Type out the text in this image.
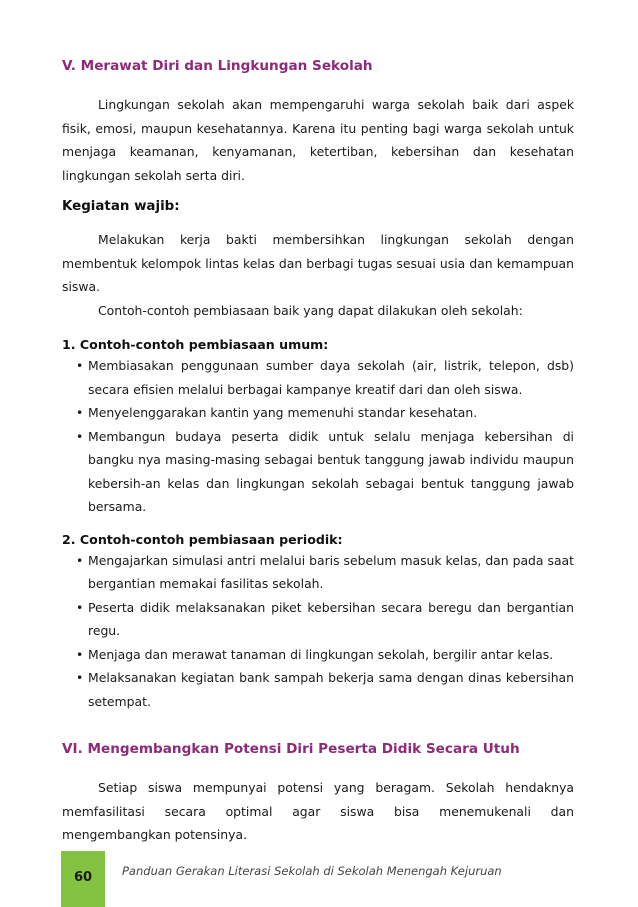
V. Merawat Diri dan Lingkungan Sekolah

Lingkungan sekolah akan mempengaruhi warga sekolah baik dari aspek fisik, emosi, maupun kesehatannya. Karena itu penting bagi warga sekolah untuk menjaga keamanan, kenyamanan, ketertiban, kebersihan dan kesehatan lingkungan sekolah serta diri.

Kegiatan wajib:

Melakukan kerja bakti membersihkan lingkungan sekolah dengan membentuk kelompok lintas kelas dan berbagi tugas sesuai usia dan kemampuan siswa.

Contoh-contoh pembiasaan baik yang dapat dilakukan oleh sekolah:

1. Contoh-contoh pembiasaan umum:
• Membiasakan penggunaan sumber daya sekolah (air, listrik, telepon, dsb) secara efisien melalui berbagai kampanye kreatif dari dan oleh siswa.
• Menyelenggarakan kantin yang memenuhi standar kesehatan.
• Membangun budaya peserta didik untuk selalu menjaga kebersihan di bangku nya masing-masing sebagai bentuk tanggung jawab individu maupun kebersih-an kelas dan lingkungan sekolah sebagai bentuk tanggung jawab bersama.
2. Contoh-contoh pembiasaan periodik:
• Mengajarkan simulasi antri melalui baris sebelum masuk kelas, dan pada saat bergantian memakai fasilitas sekolah.
• Peserta didik melaksanakan piket kebersihan secara beregu dan bergantian regu.
• Menjaga dan merawat tanaman di lingkungan sekolah, bergilir antar kelas.
• Melaksanakan kegiatan bank sampah bekerja sama dengan dinas kebersihan setempat.
VI. Mengembangkan Potensi Diri Peserta Didik Secara Utuh

Setiap siswa mempunyai potensi yang beragam. Sekolah hendaknya memfasilitasi secara optimal agar siswa bisa menemukenali dan mengembangkan potensinya.

60	Panduan Gerakan Literasi Sekolah di Sekolah Menengah Kejuruan
